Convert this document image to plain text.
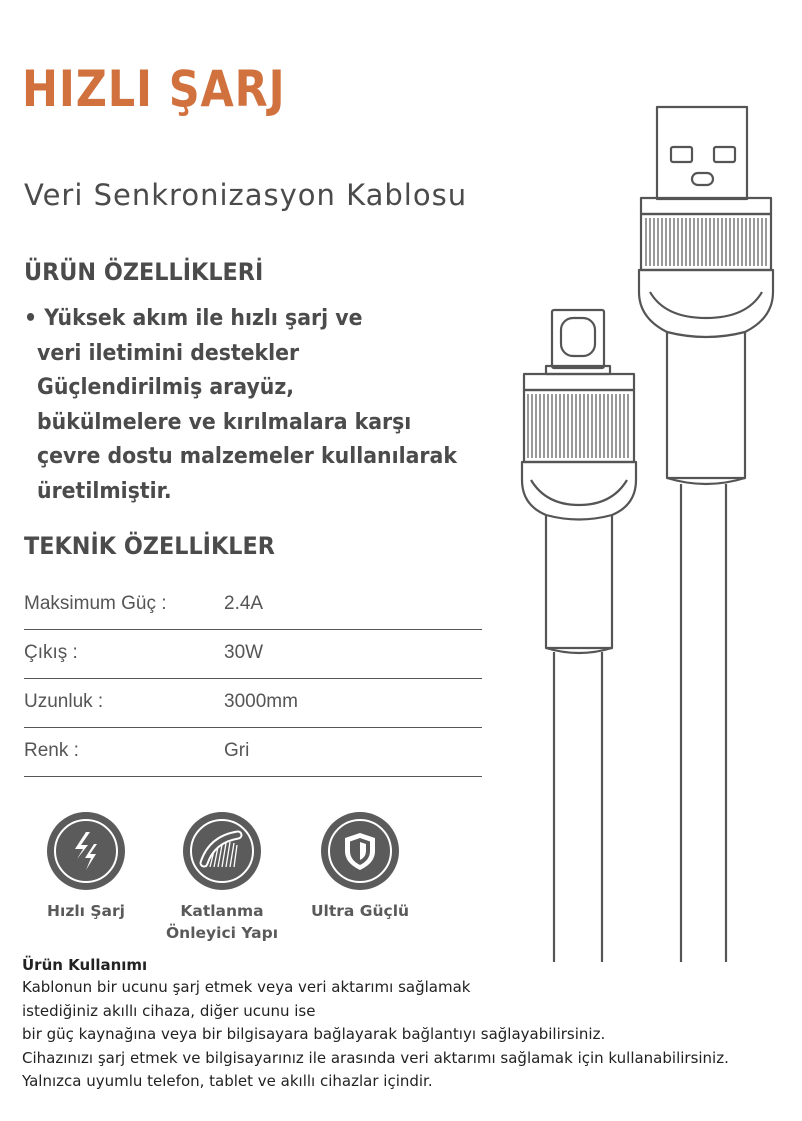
HIZLI ŞARJ
Veri Senkronizasyon Kablosu
ÜRÜN ÖZELLİKLERİ
• Yüksek akım ile hızlı şarj ve
veri iletimini destekler
Güçlendirilmiş arayüz,
bükülmelere ve kırılmalara karşı
çevre dostu malzemeler kullanılarak
üretilmiştir.
TEKNİK ÖZELLİKLER
Maksimum Güç :	2.4A
Çıkış :	30W
Uzunluk :	3000mm
Renk :	Gri
Hızlı Şarj	Katlanma Önleyici Yapı
Ultra Güçlü
Ürün Kullanımı

Kablonun bir ucunu şarj etmek veya veri aktarımı sağlamak

istediğiniz akıllı cihaza, diğer ucunu ise

bir güç kaynağına veya bir bilgisayara bağlayarak bağlantıyı sağlayabilirsiniz.

Cihazınızı şarj etmek ve bilgisayarınız ile arasında veri aktarımı sağlamak için kullanabilirsiniz.

Yalnızca uyumlu telefon, tablet ve akıllı cihazlar içindir.
